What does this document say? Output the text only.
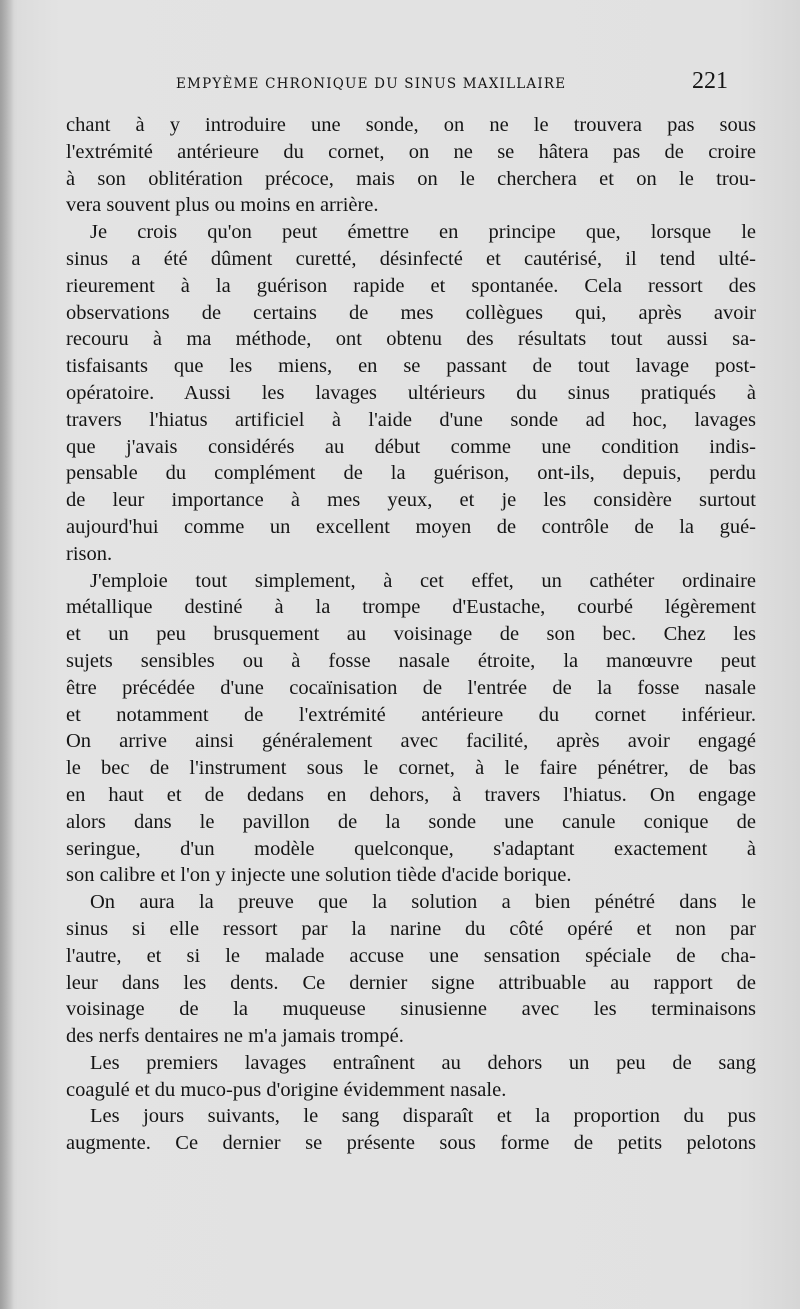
EMPYÈME CHRONIQUE DU SINUS MAXILLAIRE	221
chant à y introduire une sonde, on ne le trouvera pas sous
l'extrémité antérieure du cornet, on ne se hâtera pas de croire
à son oblitération précoce, mais on le cherchera et on le trou-
vera souvent plus ou moins en arrière.
Je crois qu'on peut émettre en principe que, lorsque le
sinus a été dûment curetté, désinfecté et cautérisé, il tend ulté-
rieurement à la guérison rapide et spontanée. Cela ressort des
observations de certains de mes collègues qui, après avoir
recouru à ma méthode, ont obtenu des résultats tout aussi sa-
tisfaisants que les miens, en se passant de tout lavage post-
opératoire. Aussi les lavages ultérieurs du sinus pratiqués à
travers l'hiatus artificiel à l'aide d'une sonde ad hoc, lavages
que j'avais considérés au début comme une condition indis-
pensable du complément de la guérison, ont-ils, depuis, perdu
de leur importance à mes yeux, et je les considère surtout
aujourd'hui comme un excellent moyen de contrôle de la gué-
rison.
J'emploie tout simplement, à cet effet, un cathéter ordinaire
métallique destiné à la trompe d'Eustache, courbé légèrement
et un peu brusquement au voisinage de son bec. Chez les
sujets sensibles ou à fosse nasale étroite, la manœuvre peut
être précédée d'une cocaïnisation de l'entrée de la fosse nasale
et notamment de l'extrémité antérieure du cornet inférieur.
On arrive ainsi généralement avec facilité, après avoir engagé
le bec de l'instrument sous le cornet, à le faire pénétrer, de bas
en haut et de dedans en dehors, à travers l'hiatus. On engage
alors dans le pavillon de la sonde une canule conique de
seringue, d'un modèle quelconque, s'adaptant exactement à
son calibre et l'on y injecte une solution tiède d'acide borique.
On aura la preuve que la solution a bien pénétré dans le
sinus si elle ressort par la narine du côté opéré et non par
l'autre, et si le malade accuse une sensation spéciale de cha-
leur dans les dents. Ce dernier signe attribuable au rapport de
voisinage de la muqueuse sinusienne avec les terminaisons
des nerfs dentaires ne m'a jamais trompé.
Les premiers lavages entraînent au dehors un peu de sang
coagulé et du muco-pus d'origine évidemment nasale.
Les jours suivants, le sang disparaît et la proportion du pus
augmente. Ce dernier se présente sous forme de petits pelotons
